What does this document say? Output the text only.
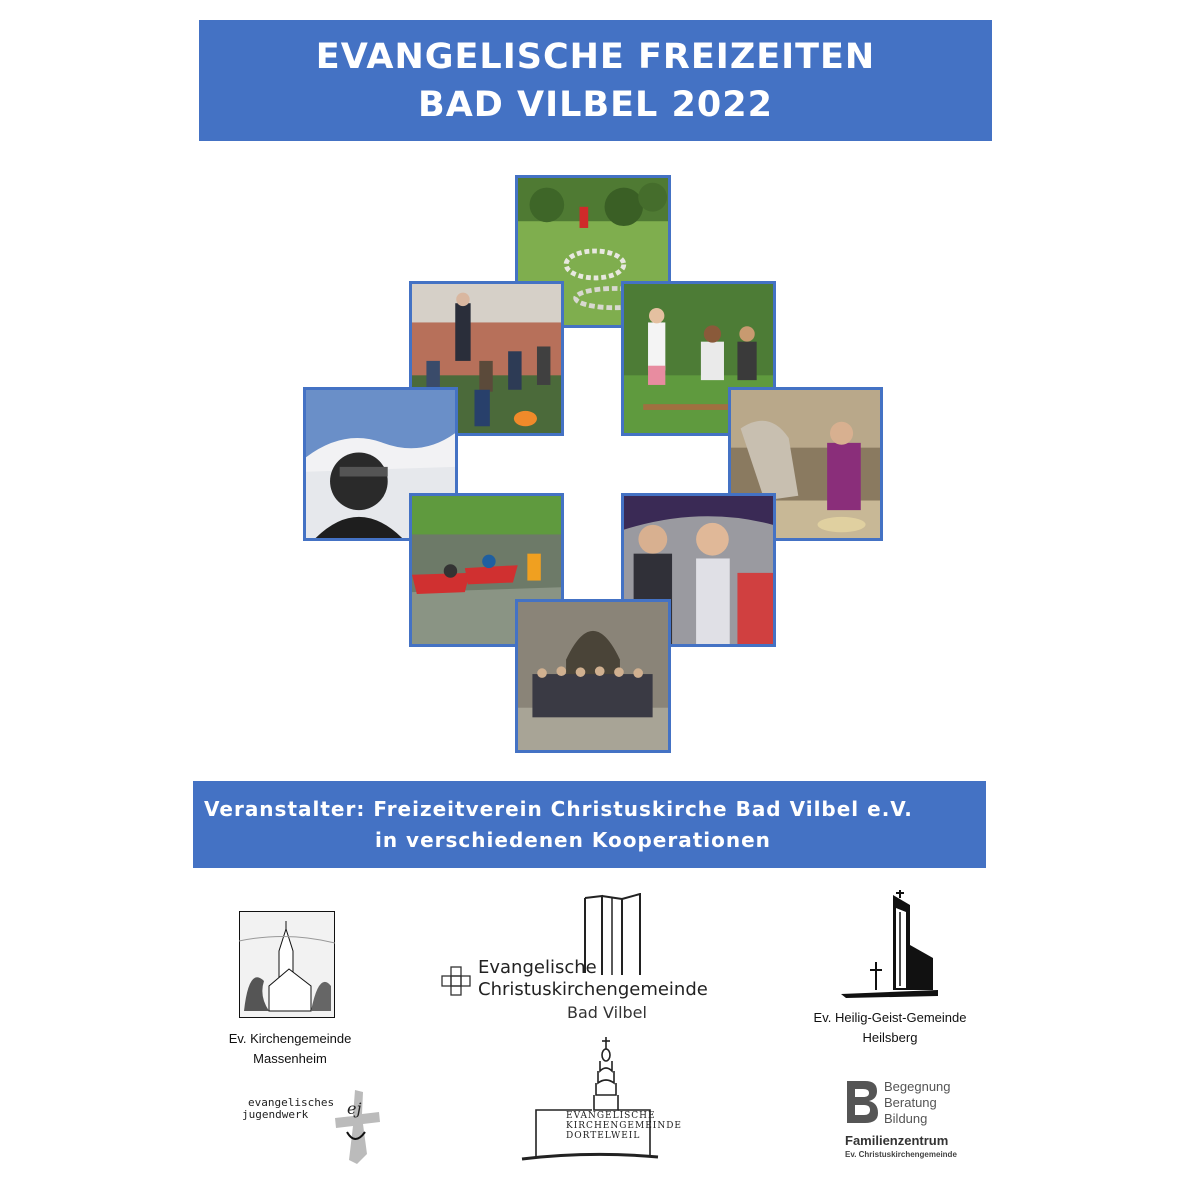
EVANGELISCHE FREIZEITEN
BAD VILBEL 2022
Veranstalter: Freizeitverein Christuskirche Bad Vilbel e.V.
in verschiedenen Kooperationen
Ev. Kirchengemeinde
Massenheim
Evangelische
Christuskirchengemeinde
Bad Vilbel	Ev. Heilig-Geist-Gemeinde
Heilsberg
evangelisches
jugendwerk	ej	EVANGELISCHE
KIRCHENGEMEINDE
DORTELWEIL
Begegnung
Beratung
Bildung
Familienzentrum
Ev. Christuskirchengemeinde
